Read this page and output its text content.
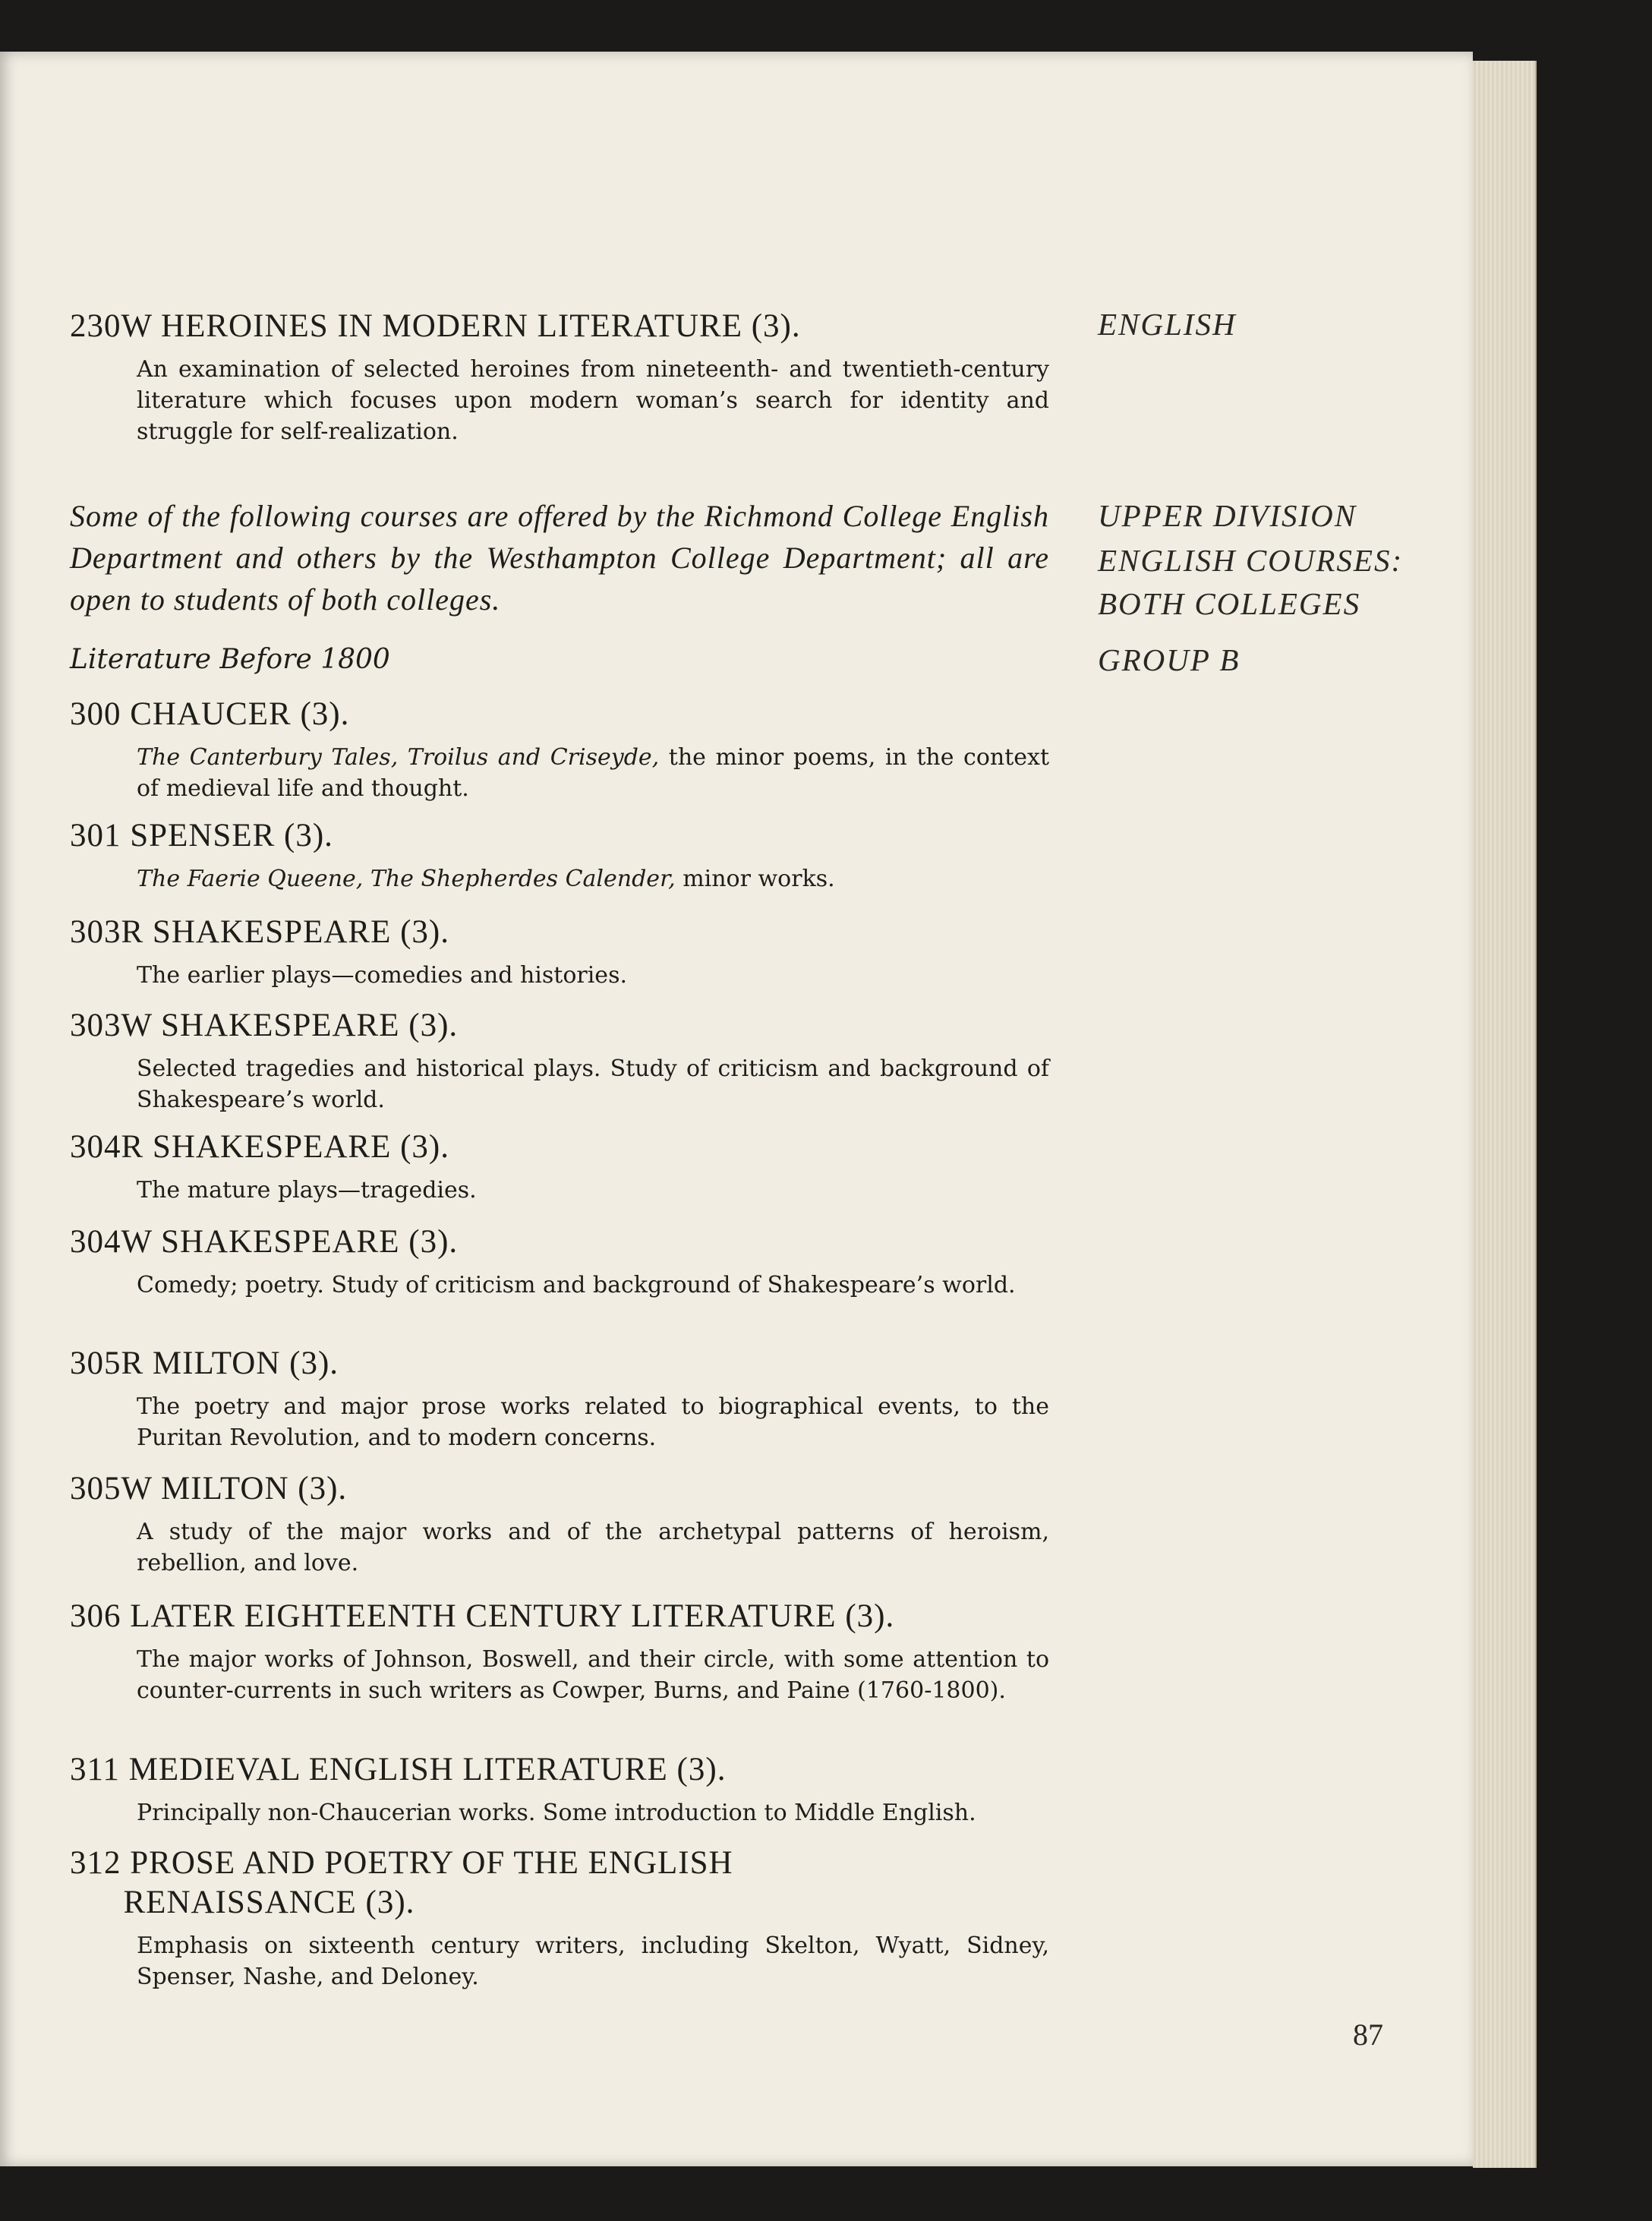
ENGLISH
UPPER DIVISION
ENGLISH COURSES:
BOTH COLLEGES
GROUP B
230W HEROINES IN MODERN LITERATURE (3).

An examination of selected heroines from nineteenth- and twentieth-century literature which focuses upon modern woman’s search for identity and struggle for self-realization.

Some of the following courses are offered by the Richmond College English Department and others by the Westhampton College Department; all are open to students of both colleges.
Literature Before 1800
300 CHAUCER (3).

The Canterbury Tales, Troilus and Criseyde, the minor poems, in the context of medieval life and thought.

301 SPENSER (3).

The Faerie Queene, The Shepherdes Calender, minor works.

303R SHAKESPEARE (3).

The earlier plays—comedies and histories.

303W SHAKESPEARE (3).

Selected tragedies and historical plays. Study of criticism and background of Shakespeare’s world.

304R SHAKESPEARE (3).

The mature plays—tragedies.

304W SHAKESPEARE (3).

Comedy; poetry. Study of criticism and background of Shakespeare’s world.

305R MILTON (3).

The poetry and major prose works related to biographical events, to the Puritan Revolution, and to modern concerns.

305W MILTON (3).

A study of the major works and of the archetypal patterns of heroism, rebellion, and love.

306 LATER EIGHTEENTH CENTURY LITERATURE (3).

The major works of Johnson, Boswell, and their circle, with some attention to counter-currents in such writers as Cowper, Burns, and Paine (1760-1800).

311 MEDIEVAL ENGLISH LITERATURE (3).

Principally non-Chaucerian works. Some introduction to Middle English.

312 PROSE AND POETRY OF THE ENGLISH
RENAISSANCE (3).

Emphasis on sixteenth century writers, including Skelton, Wyatt, Sidney, Spenser, Nashe, and Deloney.

87
